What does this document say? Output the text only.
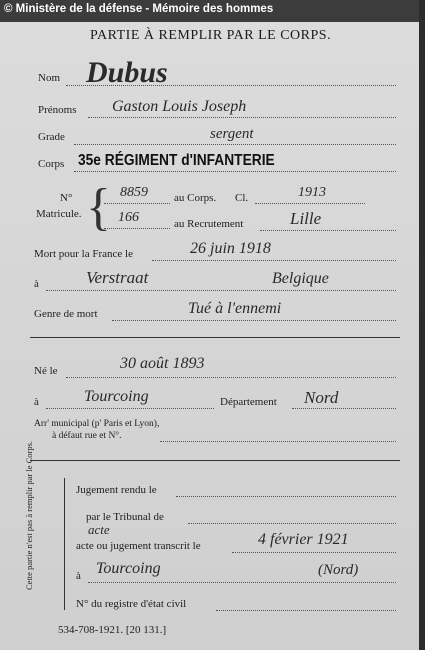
© Ministère de la défense - Mémoire des hommes
PARTIE À REMPLIR PAR LE CORPS.
Nom Dubus
Prénoms Gaston Louis Joseph
Grade	sergent
Corps 35e RÉGIMENT d'INFANTERIE
N°
Matricule. { 8859 au Corps. Cl.	1913
166	au Recrutement	Lille
Mort pour la France le	26 juin 1918
à	Verstraat	Belgique
Genre de mort	Tué à l'ennemi
Né le	30 août 1893
à	Tourcoing	Département Nord
Arr' municipal (p' Paris et Lyon),
à défaut rue et N°.
Cette partie n'est pas à remplir par le Corps.	Jugement rendu le
par le Tribunal de
acte
acte ou jugement transcrit le	4 février 1921
à Tourcoing	(Nord)
N° du registre d'état civil
534-708-1921. [20 131.]
